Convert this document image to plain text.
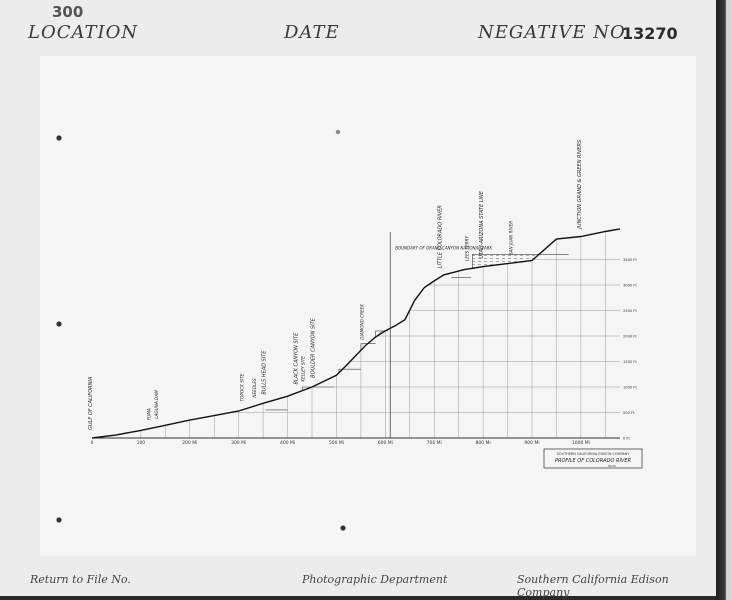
300
LOCATION	DATE	NEGATIVE NO.
13270
0	100	200 Mi	300 Mi	400 Mi	500 Mi	600 Mi	700 Mi	800 Mi	900 Mi	1000 Mi
0 Ft
500 Ft
1000 Ft
1500 Ft
2000 Ft
2500 Ft
3000 Ft
3500 Ft
GULF OF CALIFORNIA	YUMA LAGUNA DAM
TOPOCK SITE NEEDLES BULLS HEAD SITE	BLACK CANYON SITE KELLEY SITE BOULDER CANYON SITE	DIAMOND CREEK
BOUNDARY OF GRAND CANYON NATIONAL PARK
LITTLE COLORADO RIVER	LEES FERRY UTAH-ARIZONA STATE LINE	SAN JUAN RIVER
JUNCTION GRAND & GREEN RIVERS
SOUTHERN CALIFORNIA EDISON COMPANY
PROFILE OF COLORADO RIVER
MILES
Return to File No.	Photographic Department	Southern California Edison Company
